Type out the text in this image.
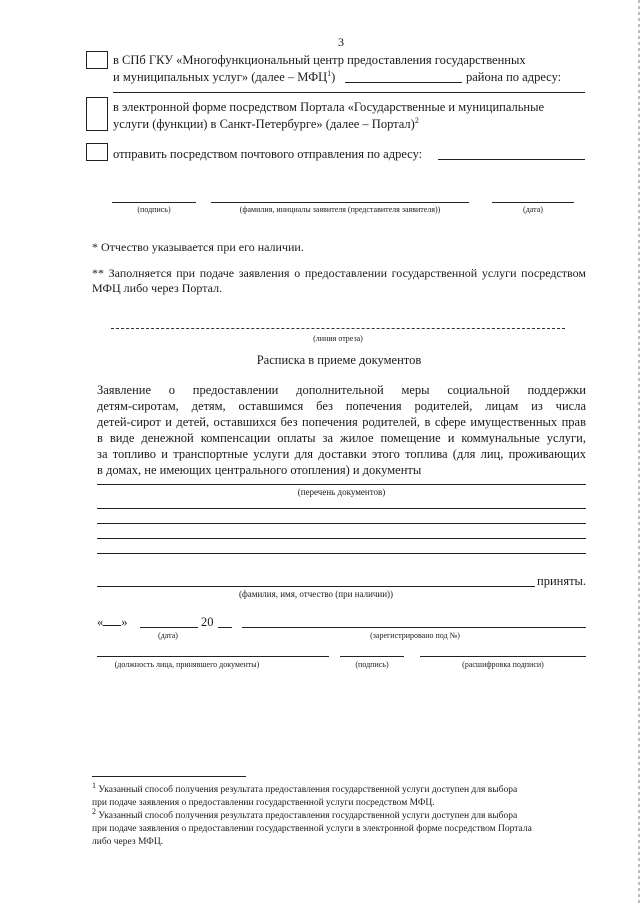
3
в СПб ГКУ «Многофункциональный центр предоставления государственных
и муниципальных услуг» (далее – МФЦ$^1$)	района по адресу:
в электронной форме посредством Портала «Государственные и муниципальные
услуги (функции) в Санкт-Петербурге» (далее – Портал)$^2$
отправить посредством почтового отправления по адресу:
(подпись)	(фамилия, инициалы заявителя (представителя заявителя))	(дата)
* Отчество указывается при его наличии.
** Заполняется при подаче заявления о предоставлении государственной услуги посредством
МФЦ либо через Портал.
(линия отреза)
Расписка в приеме документов
Заявление о предоставлении дополнительной меры социальной поддержки
детям-сиротам, детям, оставшимся без попечения родителей, лицам из числа
детей-сирот и детей, оставшихся без попечения родителей, в сфере имущественных прав
в виде денежной компенсации оплаты за жилое помещение и коммунальные услуги,
за топливо и транспортные услуги для доставки этого топлива (для лиц, проживающих
в домах, не имеющих центрального отопления) и документы
(перечень документов)
приняты.
(фамилия, имя, отчество (при наличии))
« »	20
(дата)	(зарегистрировано под №)
(должность лица, принявшего документы)	(подпись)	(расшифровка подписи)
$^1$ Указанный способ получения результата предоставления государственной услуги доступен для выбора
при подаче заявления о предоставлении государственной услуги посредством МФЦ.
$^2$ Указанный способ получения результата предоставления государственной услуги доступен для выбора
при подаче заявления о предоставлении государственной услуги в электронной форме посредством Портала
либо через МФЦ.
